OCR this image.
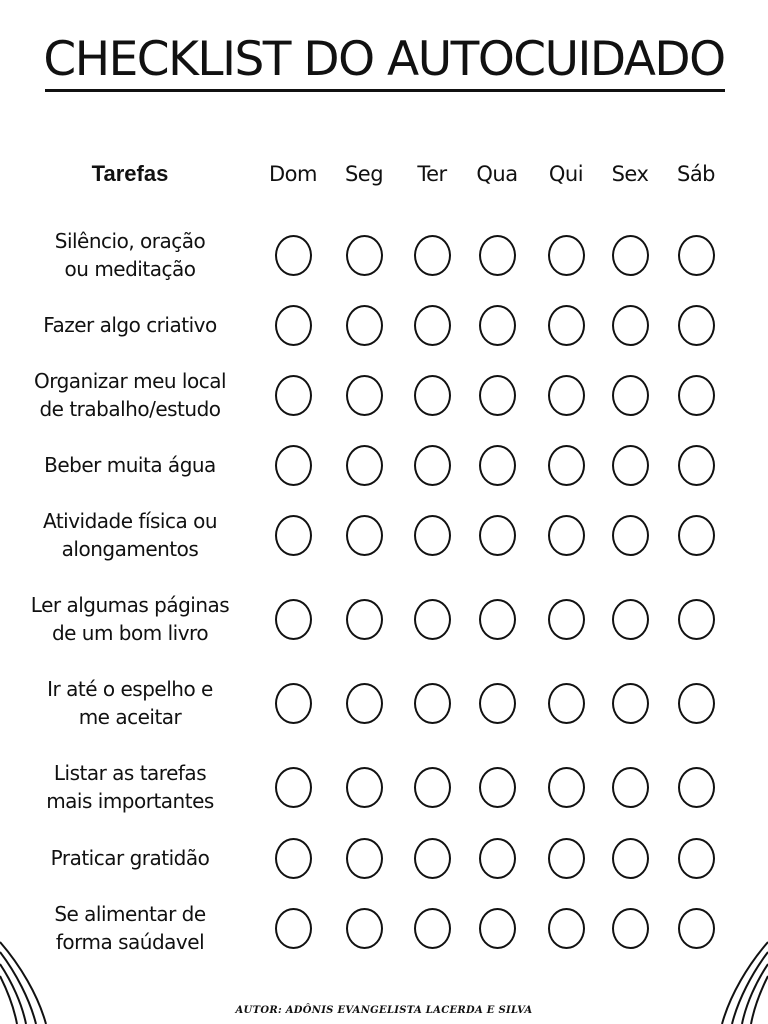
CHECKLIST DO AUTOCUIDADO
Tarefas	Dom	Seg	Ter	Qua	Qui	Sex	Sáb
Silêncio, oração
ou meditação
Fazer algo criativo
Organizar meu local
de trabalho/estudo
Beber muita água
Atividade física ou
alongamentos
Ler algumas páginas
de um bom livro
Ir até o espelho e
me aceitar
Listar as tarefas
mais importantes
Praticar gratidão
Se alimentar de
forma saúdavel
AUTOR: ADÔNIS EVANGELISTA LACERDA E SILVA
